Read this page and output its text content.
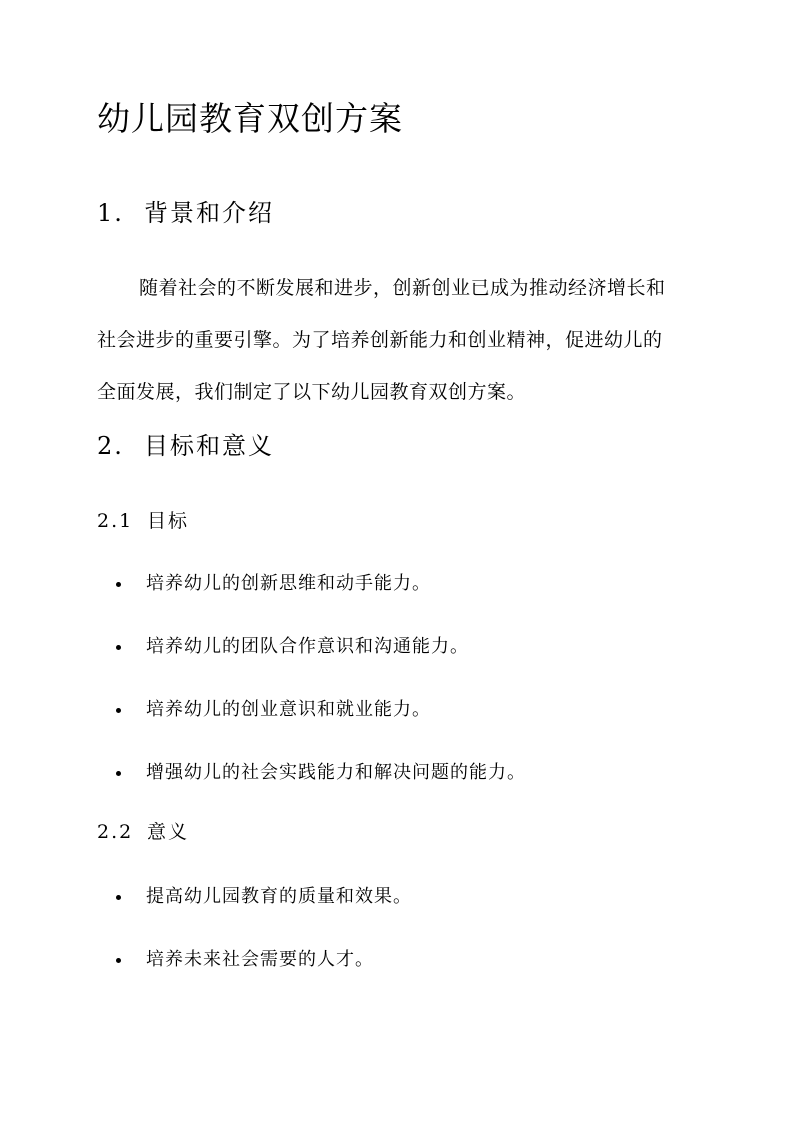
幼儿园教育双创方案
1. 背景和介绍
随着社会的不断发展和进步，创新创业已成为推动经济增长和
社会进步的重要引擎。为了培养创新能力和创业精神，促进幼儿的
全面发展，我们制定了以下幼儿园教育双创方案。
2. 目标和意义
2.1 目标
培养幼儿的创新思维和动手能力。
培养幼儿的团队合作意识和沟通能力。
培养幼儿的创业意识和就业能力。
增强幼儿的社会实践能力和解决问题的能力。
2.2 意义
提高幼儿园教育的质量和效果。
培养未来社会需要的人才。
